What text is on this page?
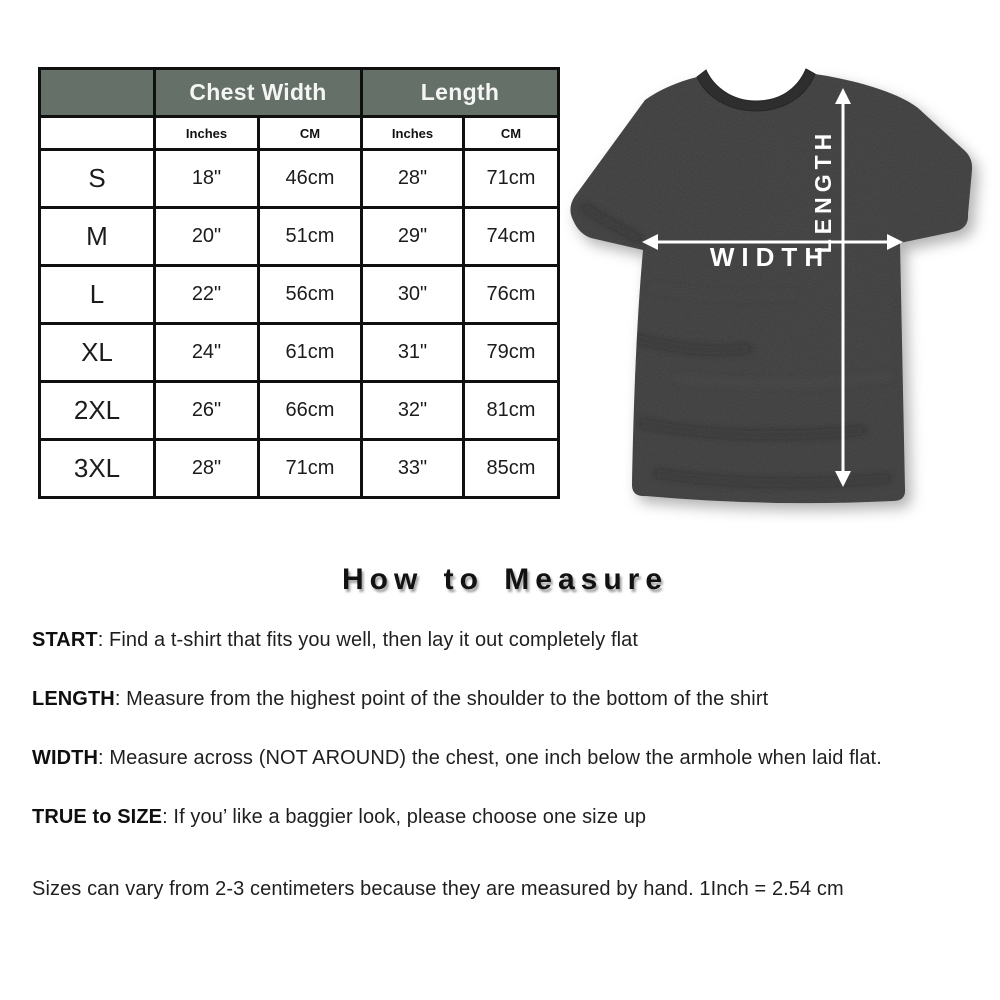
	Chest Width		Length	
	Inches	CM	Inches	CM
S	18"	46cm	28"	71cm
M	20"	51cm	29"	74cm
L	22"	56cm	30"	76cm
XL	24"	61cm	31"	79cm
2XL	26"	66cm	32"	81cm
3XL	28"	71cm	33"	85cm
LENGTH
WIDTH
How to Measure

START: Find a t-shirt that fits you well, then lay it out completely flat

LENGTH: Measure from the highest point of the shoulder to the bottom of the shirt

WIDTH: Measure across (NOT AROUND) the chest, one inch below the armhole when laid flat.

TRUE to SIZE: If you’ like a baggier look, please choose one size up

Sizes can vary from 2-3 centimeters because they are measured by hand. 1Inch = 2.54 cm
